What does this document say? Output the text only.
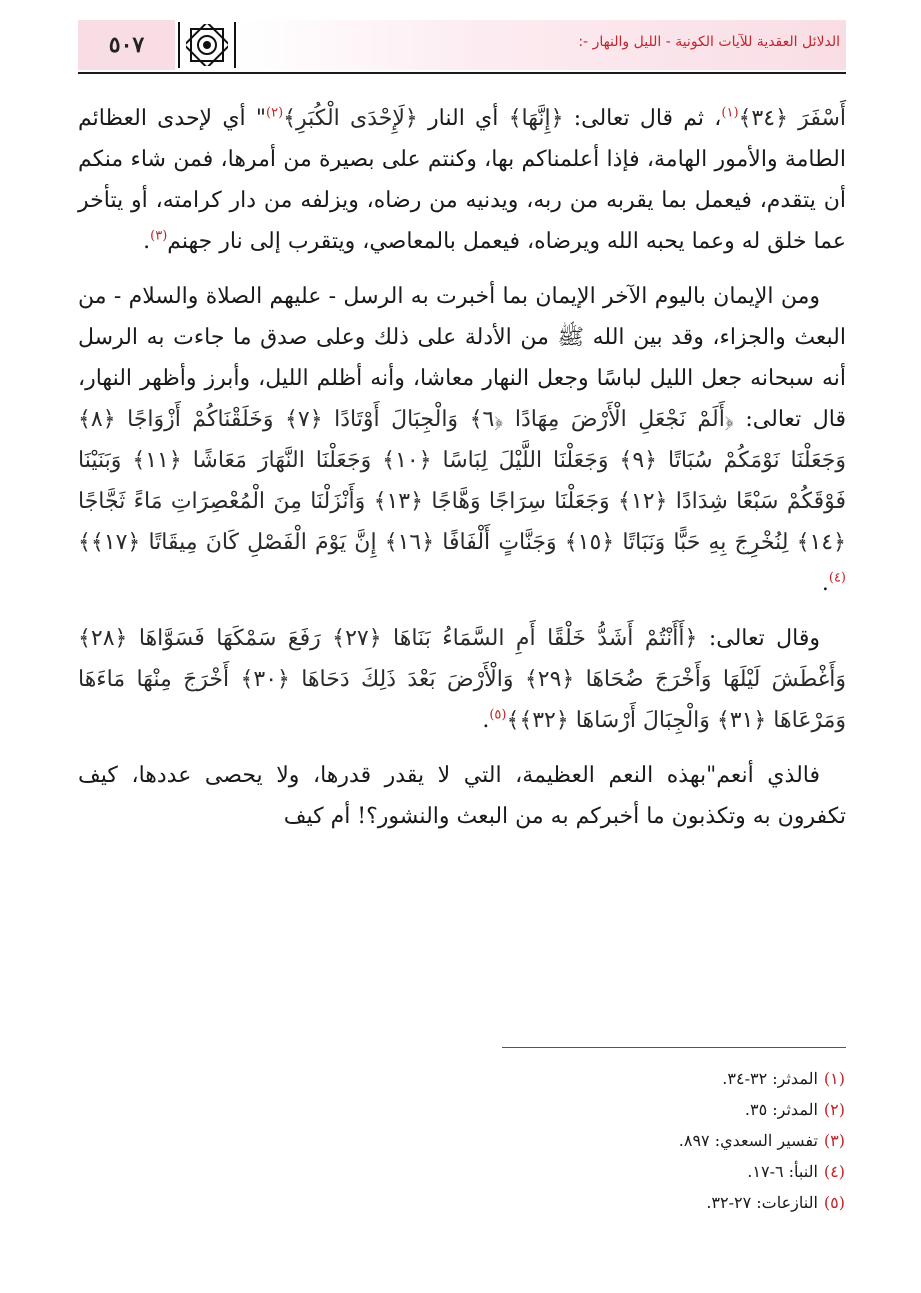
الدلائل العقدية للآيات الكونية - الليل والنهار -:
٥٠٧

أَسْفَرَ ﴿٣٤﴾$^{(١)}$، ثم قال تعالى: ﴿إِنَّهَا﴾ أي النار ﴿لَإِحْدَى الْكُبَرِ﴾$^{(٢)}$" أي لإحدى العظائم الطامة والأمور الهامة، فإذا أعلمناكم بها، وكنتم على بصيرة من أمرها، فمن شاء منكم أن يتقدم، فيعمل بما يقربه من ربه، ويدنيه من رضاه، ويزلفه من دار كرامته، أو يتأخر عما خلق له وعما يحبه الله ويرضاه، فيعمل بالمعاصي، ويتقرب إلى نار جهنم$^{(٣)}$.

ومن الإيمان باليوم الآخر الإيمان بما أخبرت به الرسل - عليهم الصلاة والسلام - من البعث والجزاء، وقد بين الله ﷺ من الأدلة على ذلك وعلى صدق ما جاءت به الرسل أنه سبحانه جعل الليل لباسًا وجعل النهار معاشا، وأنه أظلم الليل، وأبرز وأظهر النهار، قال تعالى: ﴿أَلَمْ نَجْعَلِ الْأَرْضَ مِهَادًا ﴿٦﴾ وَالْجِبَالَ أَوْتَادًا ﴿٧﴾ وَخَلَقْنَاكُمْ أَزْوَاجًا ﴿٨﴾ وَجَعَلْنَا نَوْمَكُمْ سُبَاتًا ﴿٩﴾ وَجَعَلْنَا اللَّيْلَ لِبَاسًا ﴿١٠﴾ وَجَعَلْنَا النَّهَارَ مَعَاشًا ﴿١١﴾ وَبَنَيْنَا فَوْقَكُمْ سَبْعًا شِدَادًا ﴿١٢﴾ وَجَعَلْنَا سِرَاجًا وَهَّاجًا ﴿١٣﴾ وَأَنْزَلْنَا مِنَ الْمُعْصِرَاتِ مَاءً ثَجَّاجًا ﴿١٤﴾ لِنُخْرِجَ بِهِ حَبًّا وَنَبَاتًا ﴿١٥﴾ وَجَنَّاتٍ أَلْفَافًا ﴿١٦﴾ إِنَّ يَوْمَ الْفَصْلِ كَانَ مِيقَاتًا ﴿١٧﴾﴾$^{(٤)}$.

وقال تعالى: ﴿أَأَنْتُمْ أَشَدُّ خَلْقًا أَمِ السَّمَاءُ بَنَاهَا ﴿٢٧﴾ رَفَعَ سَمْكَهَا فَسَوَّاهَا ﴿٢٨﴾ وَأَغْطَشَ لَيْلَهَا وَأَخْرَجَ ضُحَاهَا ﴿٢٩﴾ وَالْأَرْضَ بَعْدَ ذَلِكَ دَحَاهَا ﴿٣٠﴾ أَخْرَجَ مِنْهَا مَاءَهَا وَمَرْعَاهَا ﴿٣١﴾ وَالْجِبَالَ أَرْسَاهَا ﴿٣٢﴾﴾$^{(٥)}$.

فالذي أنعم"بهذه النعم العظيمة، التي لا يقدر قدرها، ولا يحصى عددها، كيف تكفرون به وتكذبون ما أخبركم به من البعث والنشور؟! أم كيف

(١)المدثر: ٣٢-٣٤.
(٢)المدثر: ٣٥.
(٣)تفسير السعدي: ٨٩٧.
(٤)النبأ: ٦-١٧.
(٥)النازعات: ٢٧-٣٢.
